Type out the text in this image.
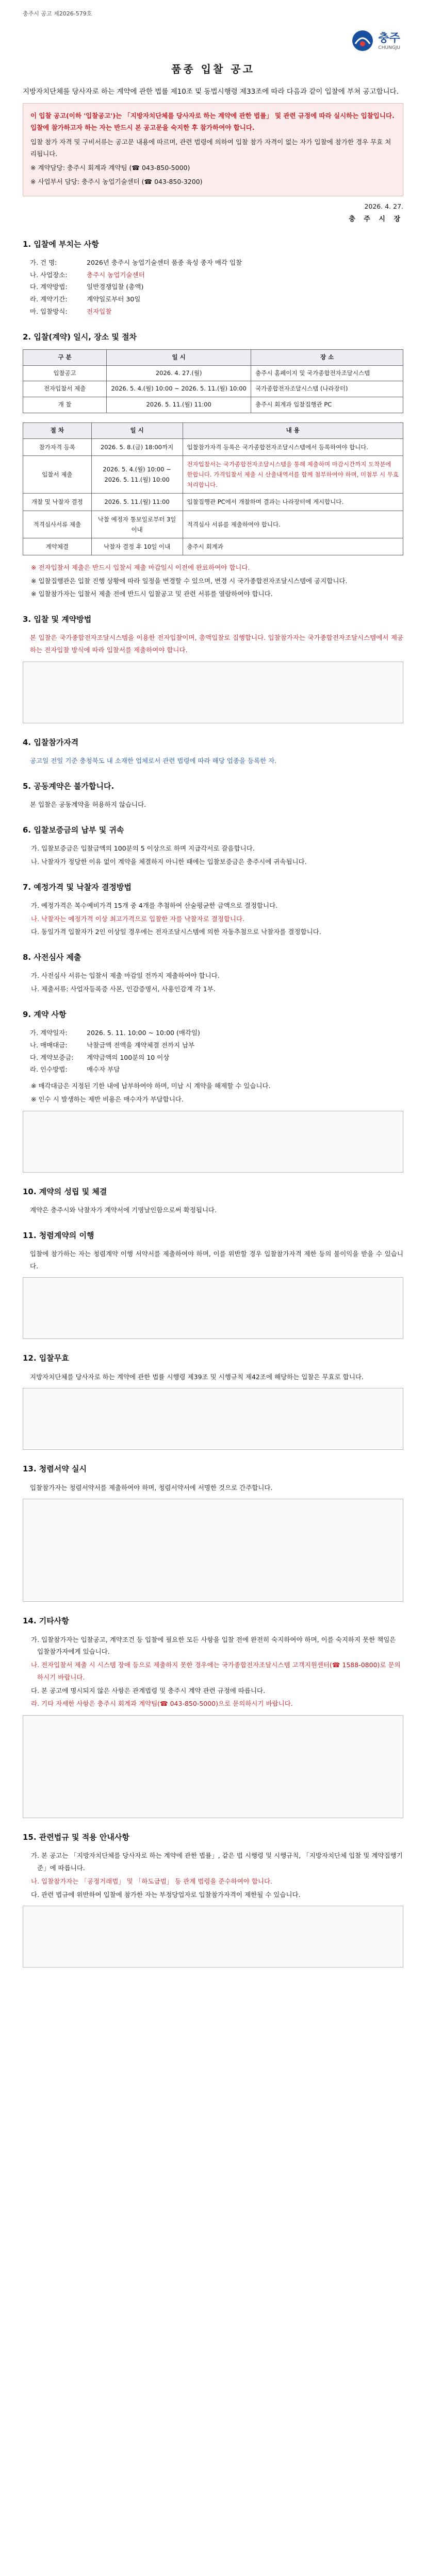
충주시 공고 제2026-579호
충주
CHUNGJU
품종 입찰 공고

지방자치단체를 당사자로 하는 계약에 관한 법률 제10조 및 동법시행령 제33조에 따라 다음과 같이 입찰에 부쳐 공고합니다.

이 입찰 공고(이하 '입찰공고')는 「지방자치단체를 당사자로 하는 계약에 관한 법률」 및 관련 규정에 따라 실시하는 입찰입니다. 입찰에 참가하고자 하는 자는 반드시 본 공고문을 숙지한 후 참가하여야 합니다.

입찰 참가 자격 및 구비서류는 공고문 내용에 따르며, 관련 법령에 의하여 입찰 참가 자격이 없는 자가 입찰에 참가한 경우 무효 처리됩니다.

※ 계약담당: 충주시 회계과 계약팀 (☎ 043-850-5000)

※ 사업부서 담당: 충주시 농업기술센터 (☎ 043-850-3200)

2026. 4. 27.
충 주 시 장
1. 입찰에 부치는 사항
가. 건 명:	2026년 충주시 농업기술센터 품종 육성 종자 매각 입찰
나. 사업장소:	충주시 농업기술센터
다. 계약방법:	일반경쟁입찰 (총액)
라. 계약기간:	계약일로부터 30일
마. 입찰방식:	전자입찰
2. 입찰(계약) 일시, 장소 및 절차
구 분	일 시	장 소
입찰공고	2026. 4. 27.(월)	충주시 홈페이지 및 국가종합전자조달시스템
전자입찰서 제출	2026. 5. 4.(월) 10:00 ~ 2026. 5. 11.(월) 10:00	국가종합전자조달시스템 (나라장터)
개 찰	2026. 5. 11.(월) 11:00	충주시 회계과 입찰집행관 PC
절 차	일 시	내 용
참가자격 등록	2026. 5. 8.(금) 18:00까지	입찰참가자격 등록은 국가종합전자조달시스템에서 등록하여야 합니다.
입찰서 제출	2026. 5. 4.(월) 10:00 ~ 2026. 5. 11.(월) 10:00	전자입찰서는 국가종합전자조달시스템을 통해 제출하며 마감시간까지 도착분에 한합니다. 가격입찰서 제출 시 산출내역서를 함께 첨부하여야 하며, 미첨부 시 무효 처리합니다.
개찰 및 낙찰자 결정	2026. 5. 11.(월) 11:00	입찰집행관 PC에서 개찰하며 결과는 나라장터에 게시합니다.
적격심사서류 제출	낙찰 예정자 통보일로부터 3일 이내	적격심사 서류를 제출하여야 합니다.
계약체결	낙찰자 결정 후 10일 이내	충주시 회계과
※ 전자입찰서 제출은 반드시 입찰서 제출 마감일시 이전에 완료하여야 합니다.
※ 입찰집행관은 입찰 진행 상황에 따라 일정을 변경할 수 있으며, 변경 시 국가종합전자조달시스템에 공지합니다.
※ 입찰참가자는 입찰서 제출 전에 반드시 입찰공고 및 관련 서류를 열람하여야 합니다.
3. 입찰 및 계약방법

본 입찰은 국가종합전자조달시스템을 이용한 전자입찰이며, 총액입찰로 집행합니다. 입찰참가자는 국가종합전자조달시스템에서 제공하는 전자입찰 방식에 따라 입찰서를 제출하여야 합니다.

4. 입찰참가자격

공고일 전일 기준 충청북도 내 소재한 업체로서 관련 법령에 따라 해당 업종을 등록한 자.

5. 공동계약은 불가합니다.

본 입찰은 공동계약을 허용하지 않습니다.

6. 입찰보증금의 납부 및 귀속
가. 입찰보증금은 입찰금액의 100분의 5 이상으로 하며 지급각서로 갈음합니다.
나. 낙찰자가 정당한 이유 없이 계약을 체결하지 아니한 때에는 입찰보증금은 충주시에 귀속됩니다.
7. 예정가격 및 낙찰자 결정방법
가. 예정가격은 복수예비가격 15개 중 4개를 추첨하여 산술평균한 금액으로 결정합니다.
나. 낙찰자는 예정가격 이상 최고가격으로 입찰한 자를 낙찰자로 결정합니다.
다. 동일가격 입찰자가 2인 이상일 경우에는 전자조달시스템에 의한 자동추첨으로 낙찰자를 결정합니다.
8. 사전심사 제출
가. 사전심사 서류는 입찰서 제출 마감일 전까지 제출하여야 합니다.
나. 제출서류: 사업자등록증 사본, 인감증명서, 사용인감계 각 1부.
9. 계약 사항
가. 계약일자:	2026. 5. 11. 10:00 ~ 10:00 (매각일)
나. 매매대금:	낙찰금액 전액을 계약체결 전까지 납부
다. 계약보증금: 계약금액의 100분의 10 이상
라. 인수방법:	매수자 부담
※ 매각대금은 지정된 기한 내에 납부하여야 하며, 미납 시 계약을 해제할 수 있습니다.
※ 인수 시 발생하는 제반 비용은 매수자가 부담합니다.
10. 계약의 성립 및 체결

계약은 충주시와 낙찰자가 계약서에 기명날인함으로써 확정됩니다.

11. 청렴계약의 이행

입찰에 참가하는 자는 청렴계약 이행 서약서를 제출하여야 하며, 이를 위반할 경우 입찰참가자격 제한 등의 불이익을 받을 수 있습니다.

12. 입찰무효

지방자치단체를 당사자로 하는 계약에 관한 법률 시행령 제39조 및 시행규칙 제42조에 해당하는 입찰은 무효로 합니다.

13. 청렴서약 실시

입찰참가자는 청렴서약서를 제출하여야 하며, 청렴서약서에 서명한 것으로 간주합니다.

14. 기타사항
가. 입찰참가자는 입찰공고, 계약조건 등 입찰에 필요한 모든 사항을 입찰 전에 완전히 숙지하여야 하며, 이를 숙지하지 못한 책임은 입찰참가자에게 있습니다.
나. 전자입찰서 제출 시 시스템 장애 등으로 제출하지 못한 경우에는 국가종합전자조달시스템 고객지원센터(☎ 1588-0800)로 문의하시기 바랍니다.
다. 본 공고에 명시되지 않은 사항은 관계법령 및 충주시 계약 관련 규정에 따릅니다.
라. 기타 자세한 사항은 충주시 회계과 계약팀(☎ 043-850-5000)으로 문의하시기 바랍니다.
15. 관련법규 및 적용 안내사항
가. 본 공고는 「지방자치단체를 당사자로 하는 계약에 관한 법률」, 같은 법 시행령 및 시행규칙, 「지방자치단체 입찰 및 계약집행기준」에 따릅니다.
나. 입찰참가자는 「공정거래법」 및 「하도급법」 등 관계 법령을 준수하여야 합니다.
다. 관련 법규에 위반하여 입찰에 참가한 자는 부정당업자로 입찰참가자격이 제한될 수 있습니다.
